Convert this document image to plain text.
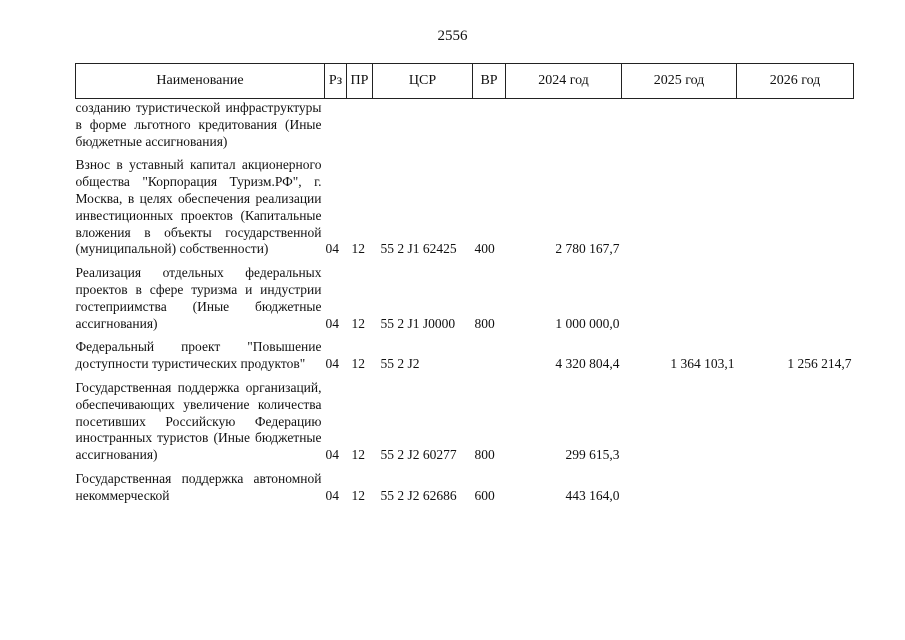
2556
Наименование	Рз	ПР	ЦСР	ВР	2024 год	2025 год	2026 год
созданию туристической инфраструктуры в форме льготного кредитования (Иные бюджетные ассигнования)							
Взнос в уставный капитал акционерного общества "Корпорация Туризм.РФ", г. Москва, в целях обеспечения реализации инвестиционных проектов (Капитальные вложения в объекты государственной (муниципальной) собственности)	04	12	55 2 J1 62425	400	2 780 167,7		
Реализация отдельных федеральных проектов в сфере туризма и индустрии гостеприимства (Иные бюджетные ассигнования)	04	12	55 2 J1 J0000	800	1 000 000,0		
Федеральный проект "Повышение доступности туристических продуктов"	04	12	55 2 J2		4 320 804,4	1 364 103,1	1 256 214,7
Государственная поддержка организаций, обеспечивающих увеличение количества посетивших Российскую Федерацию иностранных туристов (Иные бюджетные ассигнования)	04	12	55 2 J2 60277	800	299 615,3		
Государственная поддержка автономной некоммерческой	04	12	55 2 J2 62686	600	443 164,0		
